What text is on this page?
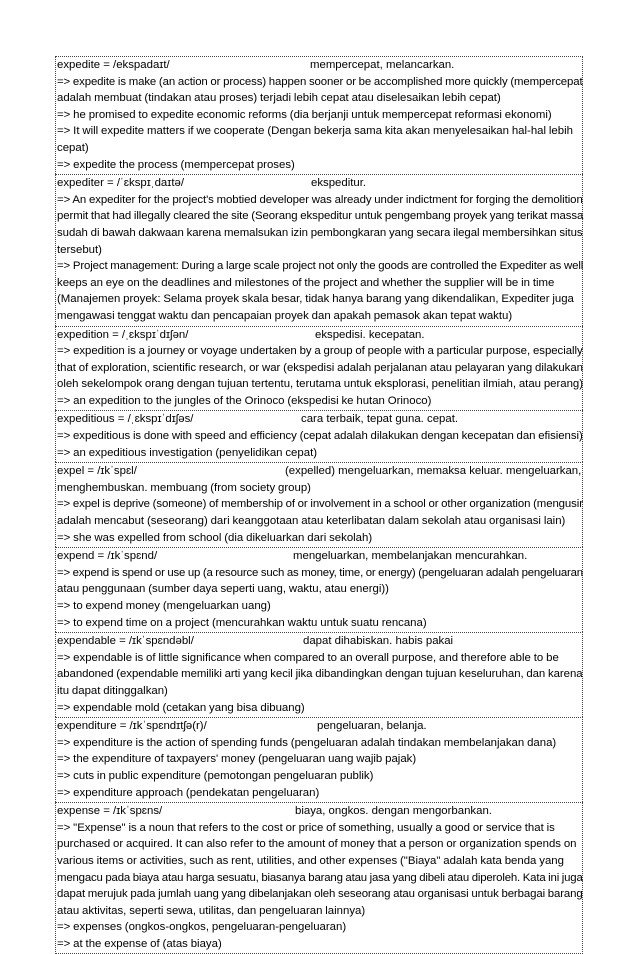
expedite = /ekspadaɪt/	mempercepat, melancarkan.
=> expedite is make (an action or process) happen sooner or be accomplished more quickly (mempercepat
adalah membuat (tindakan atau proses) terjadi lebih cepat atau diselesaikan lebih cepat)
=> he promised to expedite economic reforms (dia berjanji untuk mempercepat reformasi ekonomi)
=> It will expedite matters if we cooperate (Dengan bekerja sama kita akan menyelesaikan hal-hal lebih
cepat)
=> expedite the process (mempercepat proses)
expediter = /ˈɛkspɪˌdaɪtə/	ekspeditur.
=> An expediter for the project's mobtied developer was already under indictment for forging the demolition
permit that had illegally cleared the site (Seorang ekspeditur untuk pengembang proyek yang terikat massa
sudah di bawah dakwaan karena memalsukan izin pembongkaran yang secara ilegal membersihkan situs
tersebut)
=> Project management: During a large scale project not only the goods are controlled the Expediter as well
keeps an eye on the deadlines and milestones of the project and whether the supplier will be in time
(Manajemen proyek: Selama proyek skala besar, tidak hanya barang yang dikendalikan, Expediter juga
mengawasi tenggat waktu dan pencapaian proyek dan apakah pemasok akan tepat waktu)
expedition = /ˌɛkspɪˈdɪʃən/	ekspedisi. kecepatan.
=> expedition is a journey or voyage undertaken by a group of people with a particular purpose, especially
that of exploration, scientific research, or war (ekspedisi adalah perjalanan atau pelayaran yang dilakukan
oleh sekelompok orang dengan tujuan tertentu, terutama untuk eksplorasi, penelitian ilmiah, atau perang)
=> an expedition to the jungles of the Orinoco (ekspedisi ke hutan Orinoco)
expeditious = /ˌɛkspɪˈdɪʃəs/	cara terbaik, tepat guna. cepat.
=> expeditious is done with speed and efficiency (cepat adalah dilakukan dengan kecepatan dan efisiensi)
=> an expeditious investigation (penyelidikan cepat)
expel = /ɪkˈspɛl/	(expelled) mengeluarkan, memaksa keluar. mengeluarkan,
menghembuskan. membuang (from society group)
=> expel is deprive (someone) of membership of or involvement in a school or other organization (mengusir
adalah mencabut (seseorang) dari keanggotaan atau keterlibatan dalam sekolah atau organisasi lain)
=> she was expelled from school (dia dikeluarkan dari sekolah)
expend = /ɪkˈspɛnd/	mengeluarkan, membelanjakan mencurahkan.
=> expend is spend or use up (a resource such as money, time, or energy) (pengeluaran adalah pengeluaran
atau penggunaan (sumber daya seperti uang, waktu, atau energi))
=> to expend money (mengeluarkan uang)
=> to expend time on a project (mencurahkan waktu untuk suatu rencana)
expendable = /ɪkˈspɛndəbl/	dapat dihabiskan. habis pakai
=> expendable is of little significance when compared to an overall purpose, and therefore able to be
abandoned (expendable memiliki arti yang kecil jika dibandingkan dengan tujuan keseluruhan, dan karena
itu dapat ditinggalkan)
=> expendable mold (cetakan yang bisa dibuang)
expenditure = /ɪkˈspɛndɪtʃə(r)/	pengeluaran, belanja.
=> expenditure is the action of spending funds (pengeluaran adalah tindakan membelanjakan dana)
=> the expenditure of taxpayers' money (pengeluaran uang wajib pajak)
=> cuts in public expenditure (pemotongan pengeluaran publik)
=> expenditure approach (pendekatan pengeluaran)
expense = /ɪkˈspɛns/	biaya, ongkos. dengan mengorbankan.
=> "Expense" is a noun that refers to the cost or price of something, usually a good or service that is
purchased or acquired. It can also refer to the amount of money that a person or organization spends on
various items or activities, such as rent, utilities, and other expenses ("Biaya" adalah kata benda yang
mengacu pada biaya atau harga sesuatu, biasanya barang atau jasa yang dibeli atau diperoleh. Kata ini juga
dapat merujuk pada jumlah uang yang dibelanjakan oleh seseorang atau organisasi untuk berbagai barang
atau aktivitas, seperti sewa, utilitas, dan pengeluaran lainnya)
=> expenses (ongkos-ongkos, pengeluaran-pengeluaran)
=> at the expense of (atas biaya)
